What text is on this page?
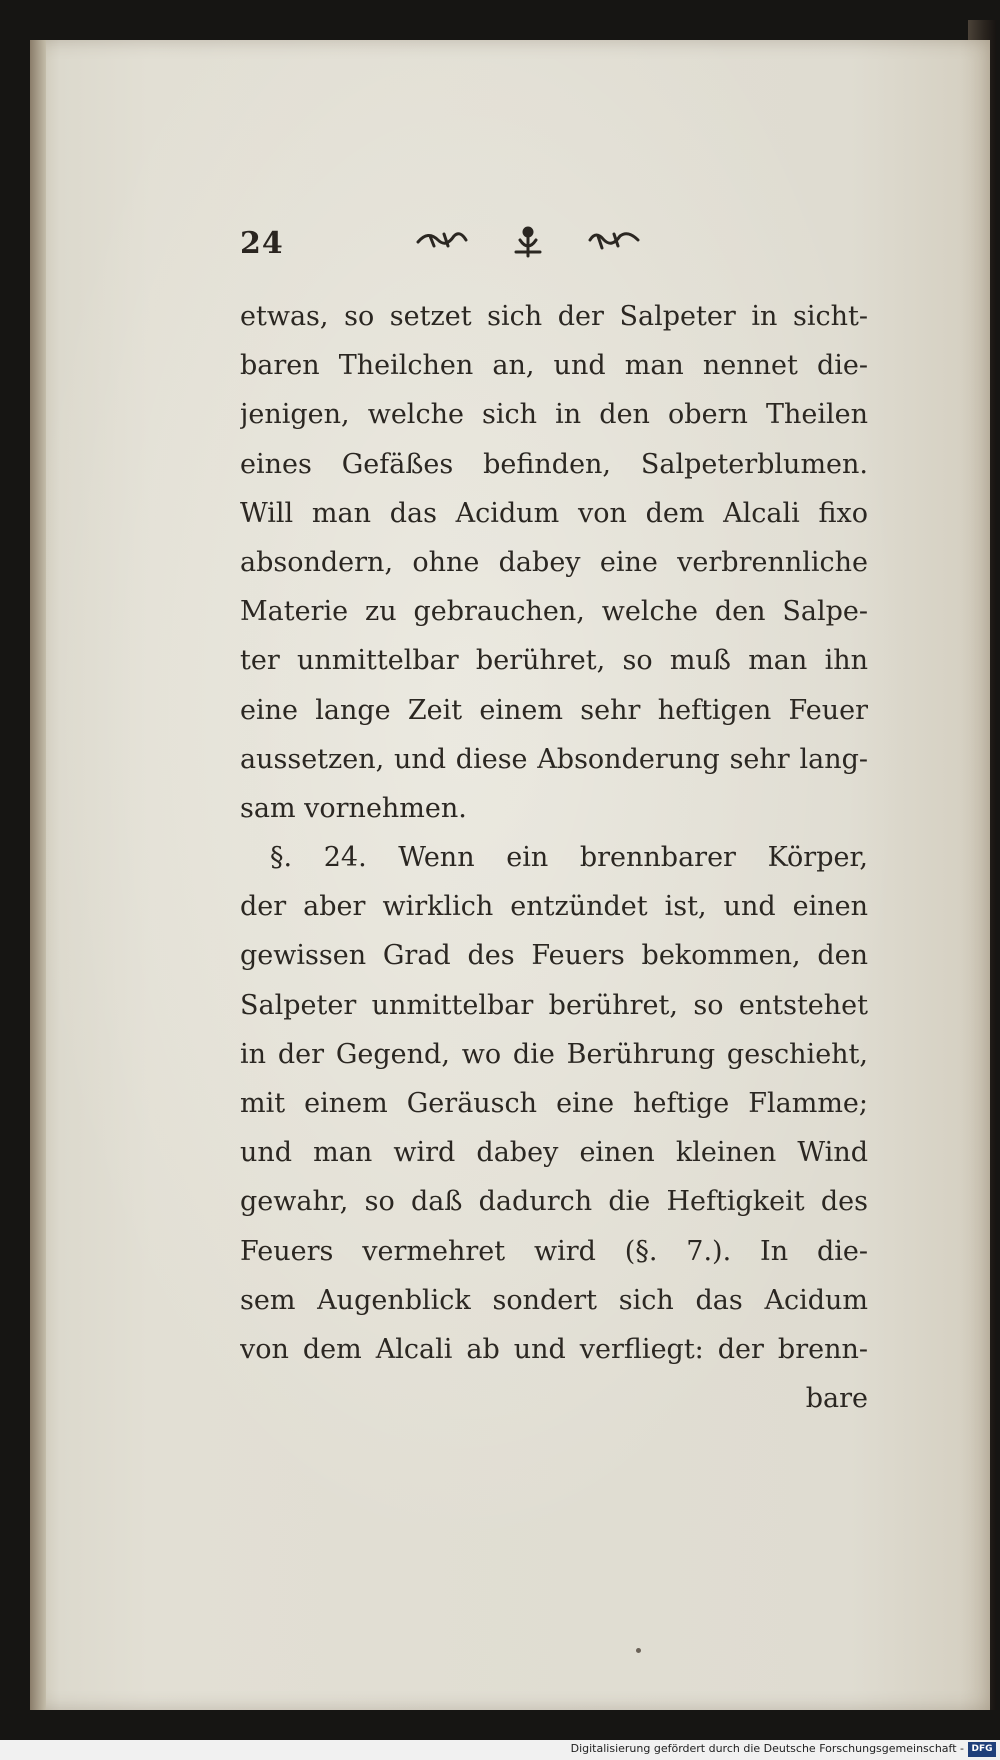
24
etwas, so setzet sich der Salpeter in sicht-
baren Theilchen an, und man nennet die-
jenigen, welche sich in den obern Theilen
eines Gefäßes befinden, Salpeterblumen.
Will man das Acidum von dem Alcali fixo
absondern, ohne dabey eine verbrennliche
Materie zu gebrauchen, welche den Salpe-
ter unmittelbar berühret, so muß man ihn
eine lange Zeit einem sehr heftigen Feuer
aussetzen, und diese Absonderung sehr lang-
sam vornehmen.
§. 24. Wenn ein brennbarer Körper,
der aber wirklich entzündet ist, und einen
gewissen Grad des Feuers bekommen, den
Salpeter unmittelbar berühret, so entstehet
in der Gegend, wo die Berührung geschieht,
mit einem Geräusch eine heftige Flamme;
und man wird dabey einen kleinen Wind
gewahr, so daß dadurch die Heftigkeit des
Feuers vermehret wird (§. 7.). In die-
sem Augenblick sondert sich das Acidum
von dem Alcali ab und verfliegt: der brenn-
bare
Digitalisierung gefördert durch die Deutsche Forschungsgemeinschaft - DFG
